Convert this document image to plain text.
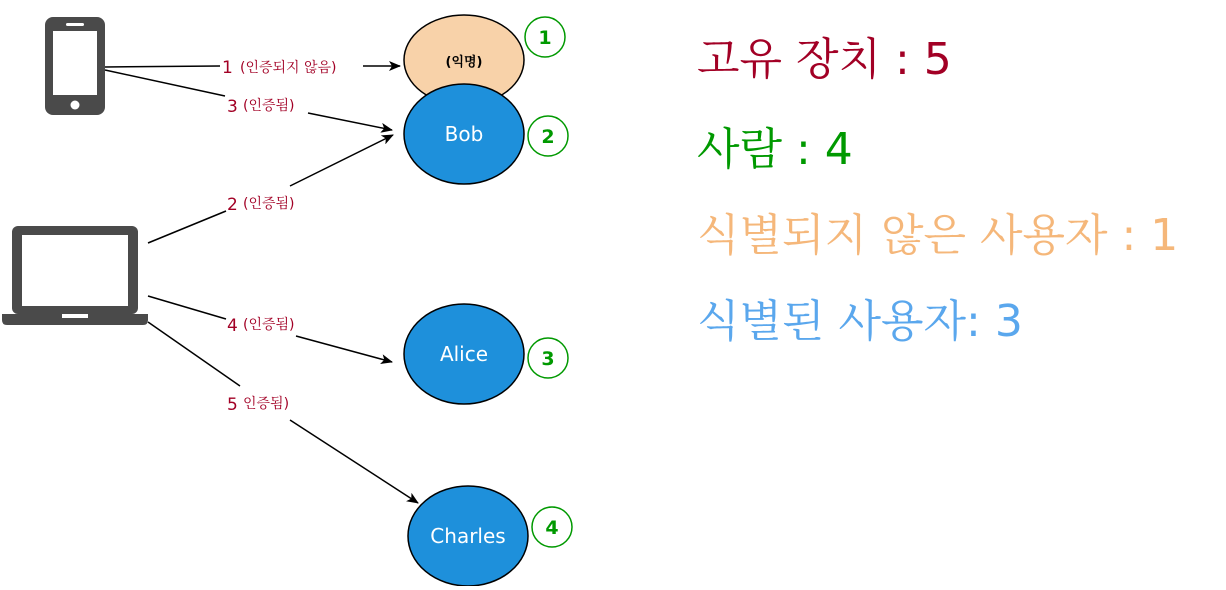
1 (인증되지 않음)
3 (인증됨)
2 (인증됨)
4 (인증됨)
5 인증됨)
(익명)
Bob
Alice
Charles
1
2
3
4
고유 장치 : 5
사람 : 4
식별되지 않은 사용자 : 1
식별된 사용자: 3
